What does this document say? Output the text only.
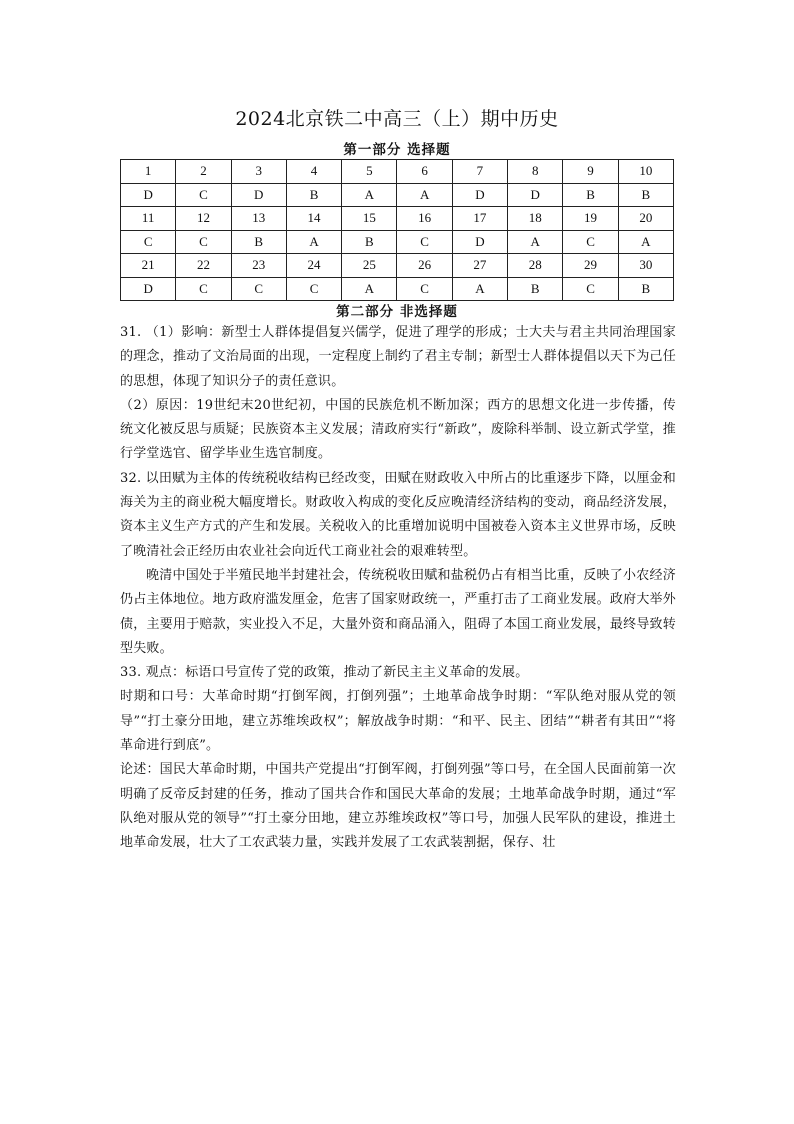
2024北京铁二中高三（上）期中历史
第一部分 选择题
1	2	3	4	5	6	7	8	9	10
D	C	D	B	A	A	D	D	B	B
11	12	13	14	15	16	17	18	19	20
C	C	B	A	B	C	D	A	C	A
21	22	23	24	25	26	27	28	29	30
D	C	C	C	A	C	A	B	C	B
第二部分 非选择题

31. （1）影响：新型士人群体提倡复兴儒学，促进了理学的形成；士大夫与君主共同治理国家的理念，推动了文治局面的出现，一定程度上制约了君主专制；新型士人群体提倡以天下为己任的思想，体现了知识分子的责任意识。

（2）原因：19世纪末20世纪初，中国的民族危机不断加深；西方的思想文化进一步传播，传统文化被反思与质疑；民族资本主义发展；清政府实行“新政”，废除科举制、设立新式学堂，推行学堂选官、留学毕业生选官制度。

32. 以田赋为主体的传统税收结构已经改变，田赋在财政收入中所占的比重逐步下降，以厘金和海关为主的商业税大幅度增长。财政收入构成的变化反应晚清经济结构的变动，商品经济发展，资本主义生产方式的产生和发展。关税收入的比重增加说明中国被卷入资本主义世界市场，反映了晚清社会正经历由农业社会向近代工商业社会的艰难转型。

晚清中国处于半殖民地半封建社会，传统税收田赋和盐税仍占有相当比重，反映了小农经济仍占主体地位。地方政府滥发厘金，危害了国家财政统一，严重打击了工商业发展。政府大举外债，主要用于赔款，实业投入不足，大量外资和商品涌入，阻碍了本国工商业发展，最终导致转型失败。

33. 观点：标语口号宣传了党的政策，推动了新民主主义革命的发展。

时期和口号：大革命时期“打倒军阀，打倒列强”；土地革命战争时期：“军队绝对服从党的领导”“打土豪分田地，建立苏维埃政权”；解放战争时期：“和平、民主、团结”“耕者有其田”“将革命进行到底”。

论述：国民大革命时期，中国共产党提出“打倒军阀，打倒列强”等口号，在全国人民面前第一次明确了反帝反封建的任务，推动了国共合作和国民大革命的发展；土地革命战争时期，通过“军队绝对服从党的领导”“打土豪分田地，建立苏维埃政权”等口号，加强人民军队的建设，推进土地革命发展，壮大了工农武装力量，实践并发展了工农武装割据，保存、壮
